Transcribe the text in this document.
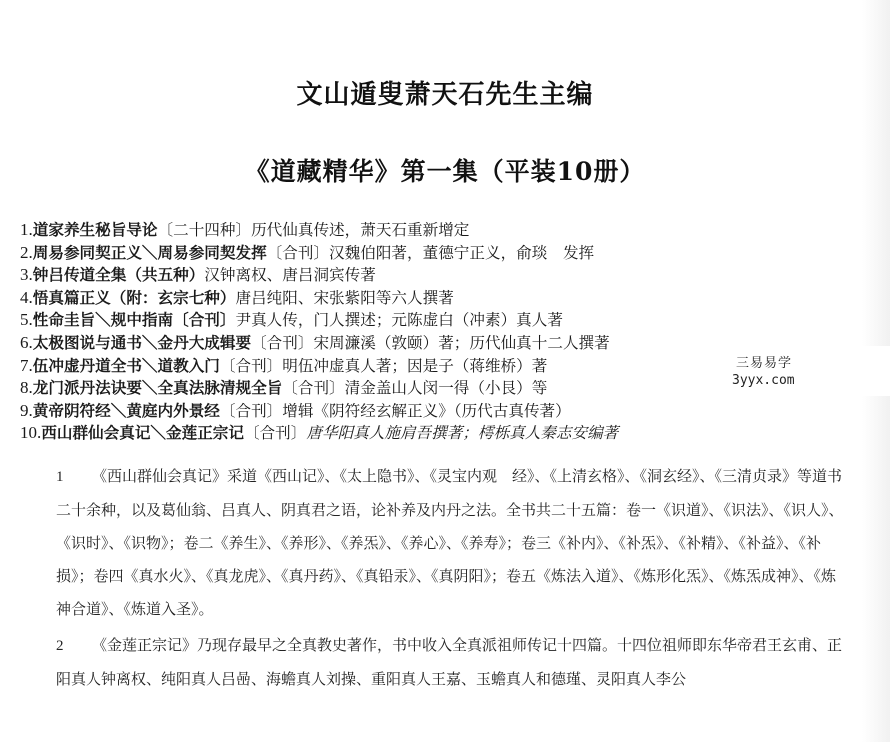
文山遁叟萧天石先生主编
《道藏精华》第一集（平装10册）
1.道家养生秘旨导论〔二十四种〕历代仙真传述，萧天石重新增定
2.周易参同契正义＼周易参同契发挥〔合刊〕汉魏伯阳著，董德宁正义，俞琰　发挥
3.钟吕传道全集（共五种）汉钟离权、唐吕洞宾传著
4.悟真篇正义（附：玄宗七种）唐吕纯阳、宋张紫阳等六人撰著
5.性命圭旨＼规中指南〔合刊〕尹真人传，门人撰述；元陈虚白（冲素）真人著
6.太极图说与通书＼金丹大成辑要〔合刊〕宋周濂溪（敦颐）著；历代仙真十二人撰著
7.伍冲虚丹道全书＼道教入门〔合刊〕明伍冲虚真人著；因是子（蒋维桥）著
8.龙门派丹法诀要＼全真法脉清规全旨〔合刊〕清金盖山人闵一得（小艮）等
9.黄帝阴符经＼黄庭内外景经〔合刊〕增辑《阴符经玄解正义》（历代古真传著）
10.西山群仙会真记＼金莲正宗记〔合刊〕唐华阳真人施肩吾撰著；樗栎真人秦志安编著
三易易学
3yyx.com

1 《西山群仙会真记》采道《西山记》、《太上隐书》、《灵宝内观　经》、《上清玄格》、《洞玄经》、《三清贞录》等道书二十余种，以及葛仙翁、吕真人、阴真君之语，论补养及内丹之法。全书共二十五篇：卷一《识道》、《识法》、《识人》、《识时》、《识物》；卷二《养生》、《养形》、《养炁》、《养心》、《养寿》；卷三《补内》、《补炁》、《补精》、《补益》、《补损》；卷四《真水火》、《真龙虎》、《真丹药》、《真铅汞》、《真阴阳》；卷五《炼法入道》、《炼形化炁》、《炼炁成神》、《炼神合道》、《炼道入圣》。

2 《金莲正宗记》乃现存最早之全真教史著作，书中收入全真派祖师传记十四篇。十四位祖师即东华帝君王玄甫、正阳真人钟离权、纯阳真人吕喦、海蟾真人刘操、重阳真人王嘉、玉蟾真人和德瑾、灵阳真人李公
